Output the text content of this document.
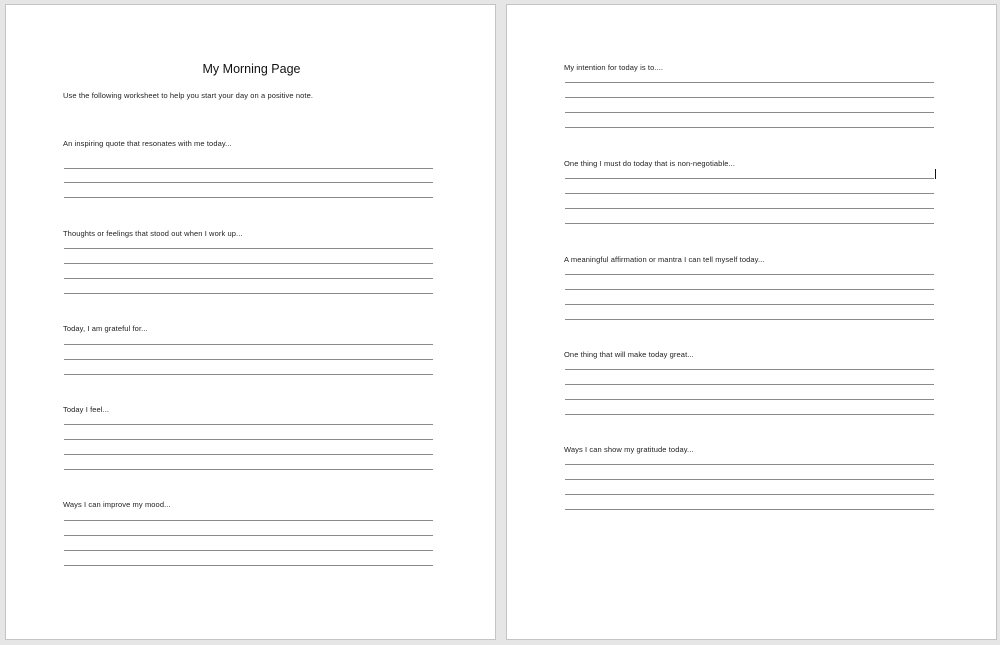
My Morning Page
Use the following worksheet to help you start your day on a positive note.
An inspiring quote that resonates with me today...
Thoughts or feelings that stood out when I work up...
Today, I am grateful for...
Today I feel...
Ways I can improve my mood...
My intention for today is to....
One thing I must do today that is non-negotiable...
A meaningful affirmation or mantra I can tell myself today...
One thing that will make today great...
Ways I can show my gratitude today...
